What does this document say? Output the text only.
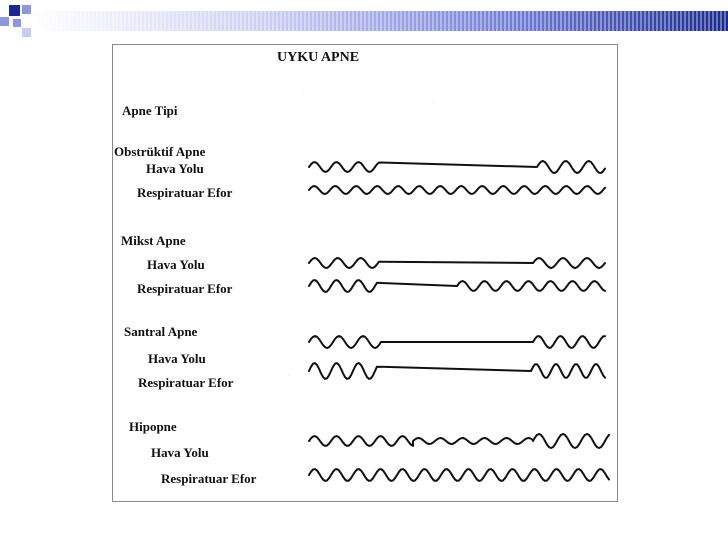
UYKU APNE
Apne Tipi
Obstrüktif Apne
Hava Yolu
Respiratuar Efor
Mikst Apne
Hava Yolu
Respiratuar Efor
Santral Apne
Hava Yolu
Respiratuar Efor
Hipopne
Hava Yolu
Respiratuar Efor
